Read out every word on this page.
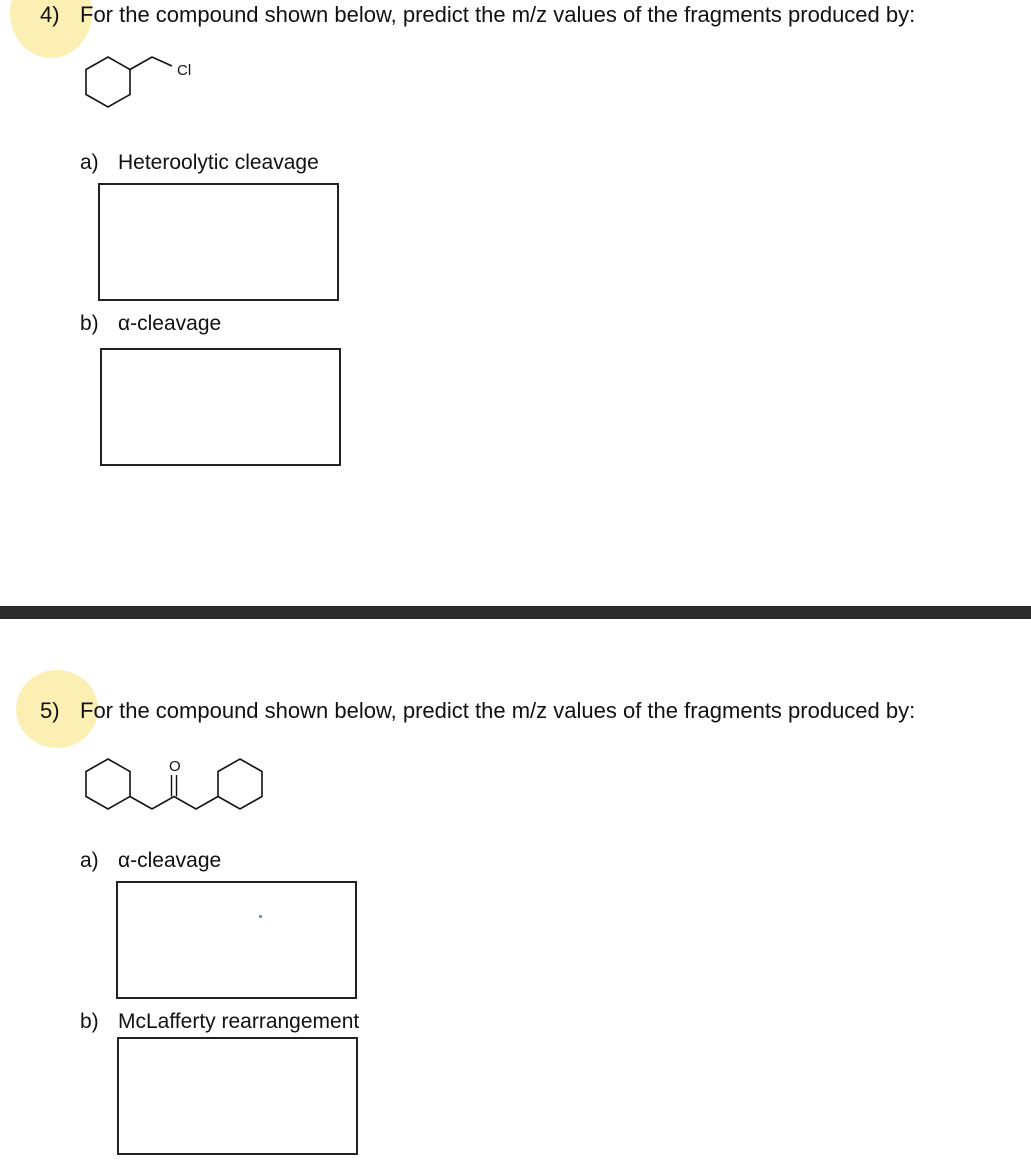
4) For the compound shown below, predict the m/z values of the fragments produced by:
Cl
a) Heteroolytic cleavage
b) α-cleavage
5) For the compound shown below, predict the m/z values of the fragments produced by:
O
a) α-cleavage
b) McLafferty rearrangement
